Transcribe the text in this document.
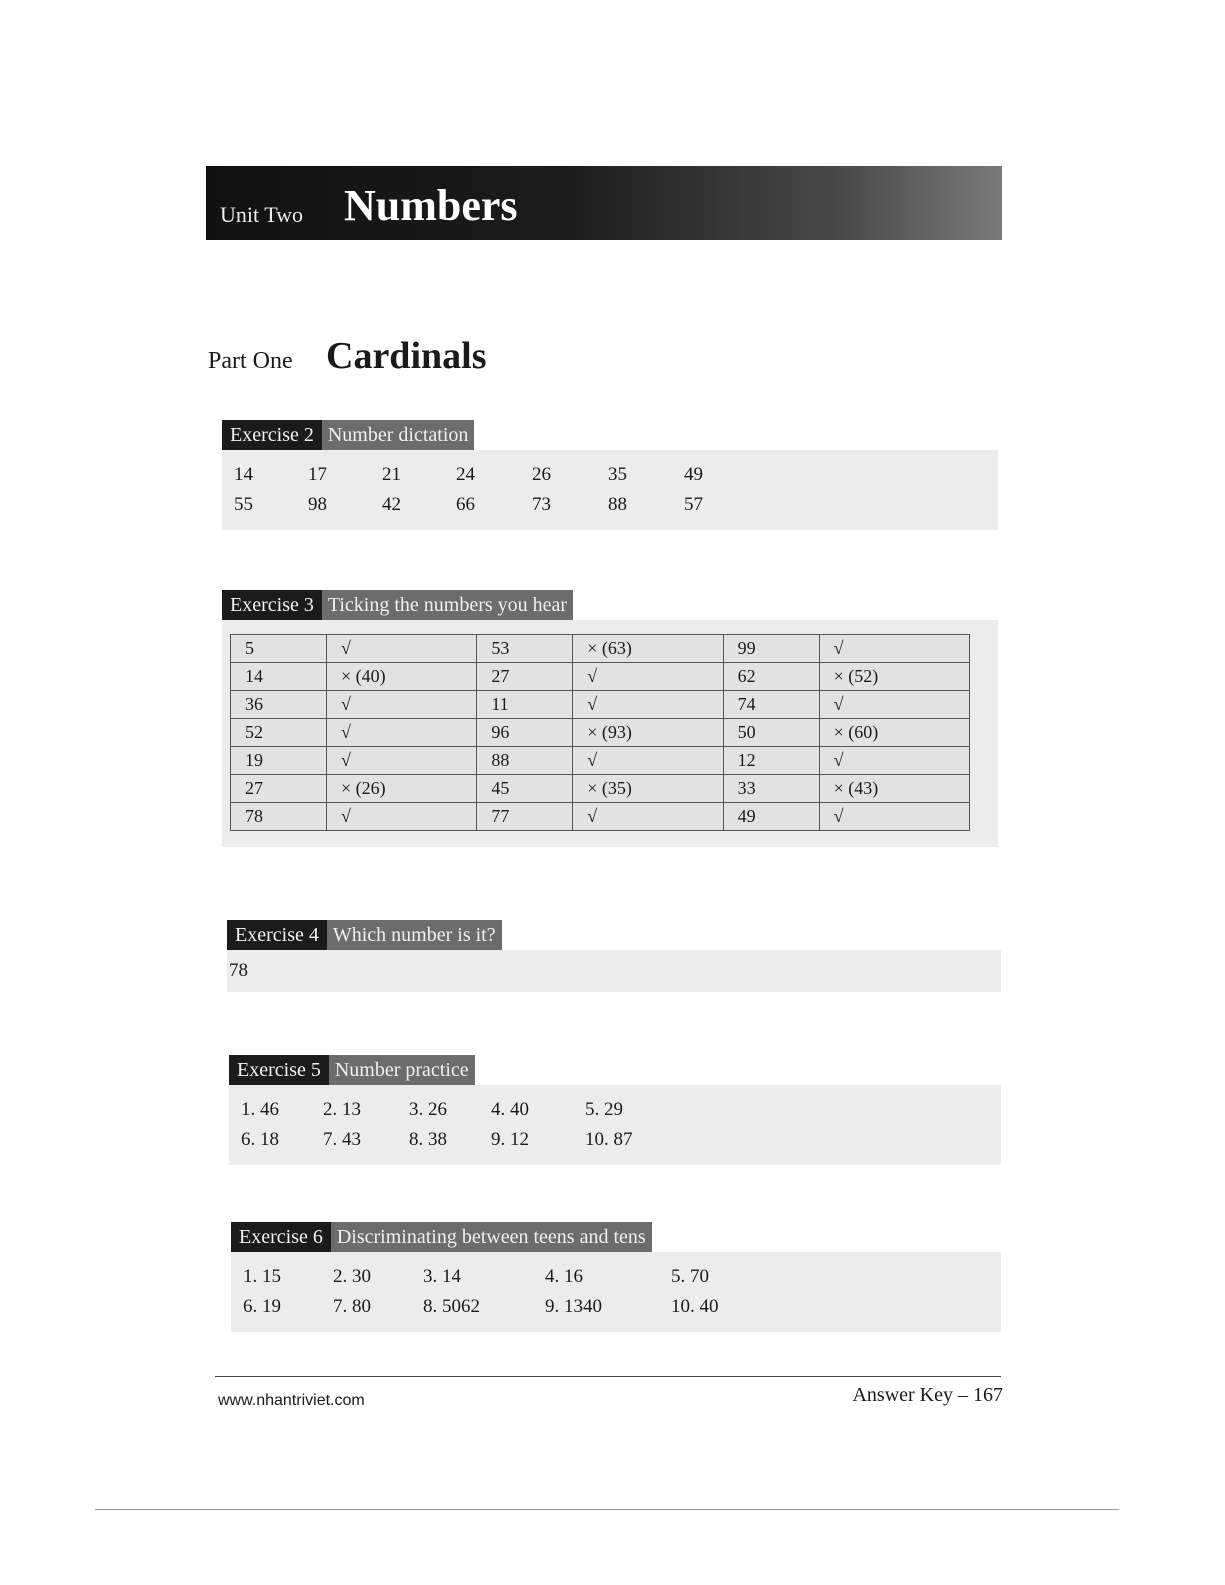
Unit Two Numbers
Part One Cardinals
Exercise 2 Number dictation
14	17	21	24	26	35	49
55	98	42	66	73	88	57
Exercise 3 Ticking the numbers you hear
5	√	53	× (63)	99	√
14	× (40)	27	√	62	× (52)
36	√	11	√	74	√
52	√	96	× (93)	50	× (60)
19	√	88	√	12	√
27	× (26)	45	× (35)	33	× (43)
78	√	77	√	49	√
Exercise 4 Which number is it?
78
Exercise 5 Number practice
1. 46	2. 13	3. 26	4. 40	5. 29
6. 18	7. 43	8. 38	9. 12	10. 87
Exercise 6 Discriminating between teens and tens
1. 15	2. 30	3. 14	4. 16	5. 70
6. 19	7. 80	8. 5062	9. 1340	10. 40
www.nhantriviet.com	Answer Key – 167
